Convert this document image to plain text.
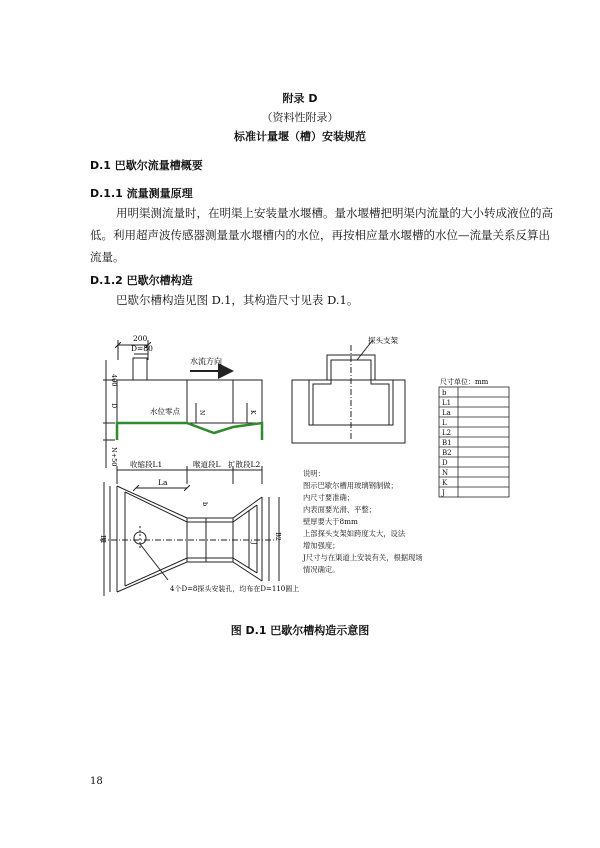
附录 D
（资料性附录）
标准计量堰（槽）安装规范
D.1 巴歇尔流量槽概要
D.1.1 流量测量原理
用明渠测流量时，在明渠上安装量水堰槽。量水堰槽把明渠内流量的大小转成液位的高
低。利用超声波传感器测量量水堰槽内的水位，再按相应量水堰槽的水位—流量关系反算出
流量。
D.1.2 巴歇尔槽构造
巴歇尔槽构造见图 D.1，其构造尺寸见表 D.1。
200
D=80
水流方向
400
D
N+50
水位零点	N	K
探头支架
收缩段L1	喉道段L 扩散段L2
La
B1
b
B2
J
4个D=8探头安装孔，均布在D=110圆上
尺寸单位：mm
b
L1
La
L
L2
B1
B2
D
N
K
J
说明：
图示巴歇尔槽用玻璃钢制做；
内尺寸要准确；
内表面要光滑、平整；
壁厚要大于8mm
上部探头支架如跨度太大，设法
增加强度；
J尺寸与在渠道上安装有关，根据现场
情况确定。
图 D.1 巴歇尔槽构造示意图
18
